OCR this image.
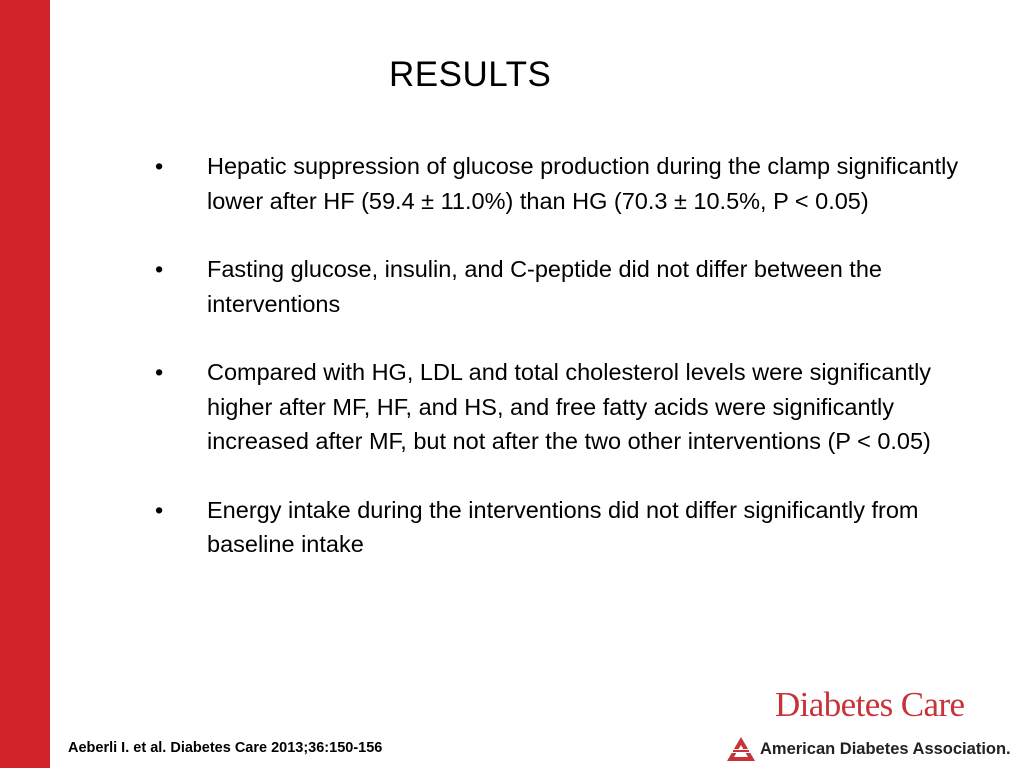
RESULTS
• Hepatic suppression of glucose production during the clamp significantly lower after HF (59.4 ± 11.0%) than HG (70.3 ± 10.5%, P < 0.05)
• Fasting glucose, insulin, and C-peptide did not differ between the interventions
• Compared with HG, LDL and total cholesterol levels were significantly higher after MF, HF, and HS, and free fatty acids were significantly increased after MF, but not after the two other interventions (P < 0.05)
• Energy intake during the interventions did not differ significantly from baseline intake
Aeberli I. et al. Diabetes Care 2013;36:150-156
Diabetes Care
American Diabetes Association.
